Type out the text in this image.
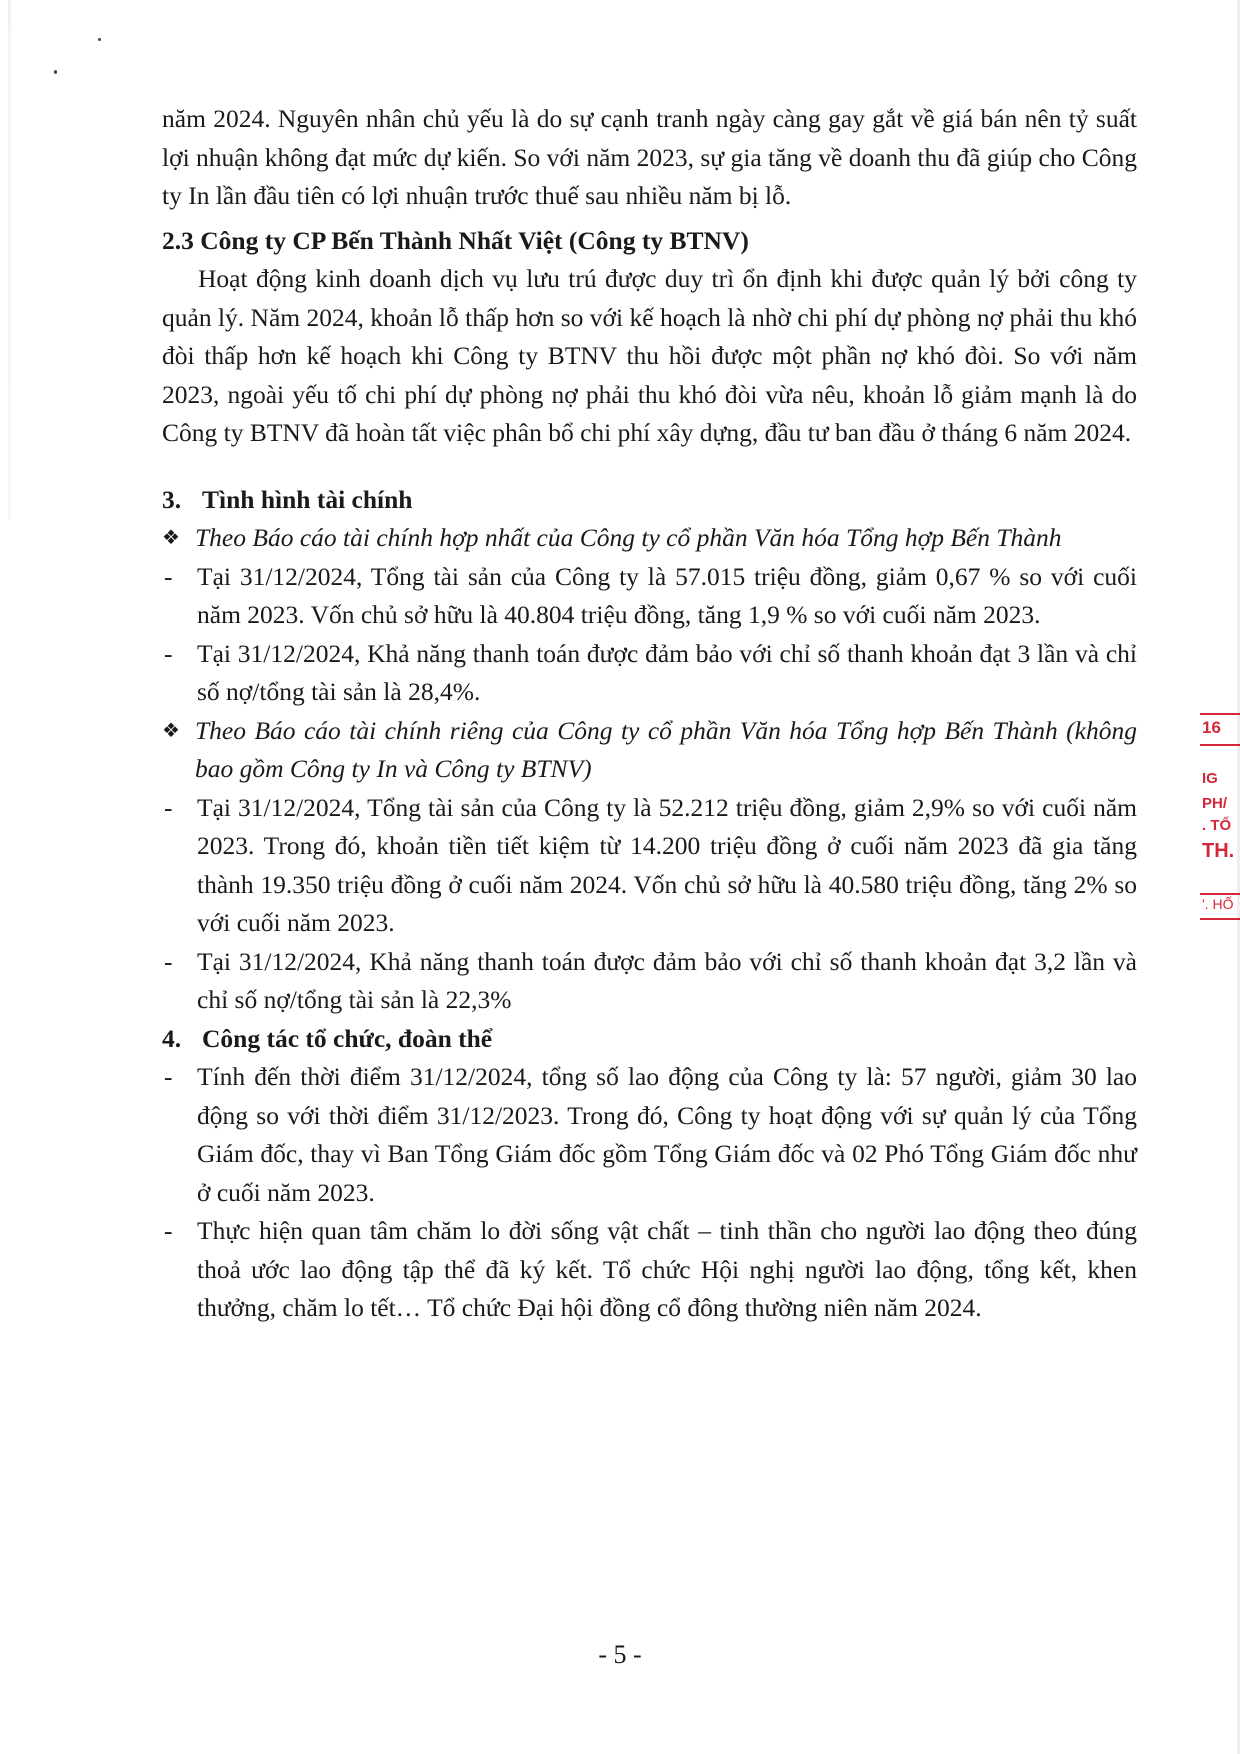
năm 2024. Nguyên nhân chủ yếu là do sự cạnh tranh ngày càng gay gắt về giá bán nên tỷ suất lợi nhuận không đạt mức dự kiến. So với năm 2023, sự gia tăng về doanh thu đã giúp cho Công ty In lần đầu tiên có lợi nhuận trước thuế sau nhiều năm bị lỗ.

2.3 Công ty CP Bến Thành Nhất Việt (Công ty BTNV)

Hoạt động kinh doanh dịch vụ lưu trú được duy trì ổn định khi được quản lý bởi công ty quản lý. Năm 2024, khoản lỗ thấp hơn so với kế hoạch là nhờ chi phí dự phòng nợ phải thu khó đòi thấp hơn kế hoạch khi Công ty BTNV thu hồi được một phần nợ khó đòi. So với năm 2023, ngoài yếu tố chi phí dự phòng nợ phải thu khó đòi vừa nêu, khoản lỗ giảm mạnh là do Công ty BTNV đã hoàn tất việc phân bổ chi phí xây dựng, đầu tư ban đầu ở tháng 6 năm 2024.

3. Tình hình tài chính

❖ Theo Báo cáo tài chính hợp nhất của Công ty cổ phần Văn hóa Tổng hợp Bến Thành
- Tại 31/12/2024, Tổng tài sản của Công ty là 57.015 triệu đồng, giảm 0,67 % so với cuối năm 2023. Vốn chủ sở hữu là 40.804 triệu đồng, tăng 1,9 % so với cuối năm 2023.
- Tại 31/12/2024, Khả năng thanh toán được đảm bảo với chỉ số thanh khoản đạt 3 lần và chỉ số nợ/tổng tài sản là 28,4%.
❖ Theo Báo cáo tài chính riêng của Công ty cổ phần Văn hóa Tổng hợp Bến Thành (không bao gồm Công ty In và Công ty BTNV)
- Tại 31/12/2024, Tổng tài sản của Công ty là 52.212 triệu đồng, giảm 2,9% so với cuối năm 2023. Trong đó, khoản tiền tiết kiệm từ 14.200 triệu đồng ở cuối năm 2023 đã gia tăng thành 19.350 triệu đồng ở cuối năm 2024. Vốn chủ sở hữu là 40.580 triệu đồng, tăng 2% so với cuối năm 2023.
- Tại 31/12/2024, Khả năng thanh toán được đảm bảo với chỉ số thanh khoản đạt 3,2 lần và chỉ số nợ/tổng tài sản là 22,3%

4. Công tác tổ chức, đoàn thể

- Tính đến thời điểm 31/12/2024, tổng số lao động của Công ty là: 57 người, giảm 30 lao động so với thời điểm 31/12/2023. Trong đó, Công ty hoạt động với sự quản lý của Tổng Giám đốc, thay vì Ban Tổng Giám đốc gồm Tổng Giám đốc và 02 Phó Tổng Giám đốc như ở cuối năm 2023.
- Thực hiện quan tâm chăm lo đời sống vật chất – tinh thần cho người lao động theo đúng thoả ước lao động tập thể đã ký kết. Tổ chức Hội nghị người lao động, tổng kết, khen thưởng, chăm lo tết… Tổ chức Đại hội đồng cổ đông thường niên năm 2024.
16
IG
PH/
. TỔ
TH.
'. HỐ
- 5 -
